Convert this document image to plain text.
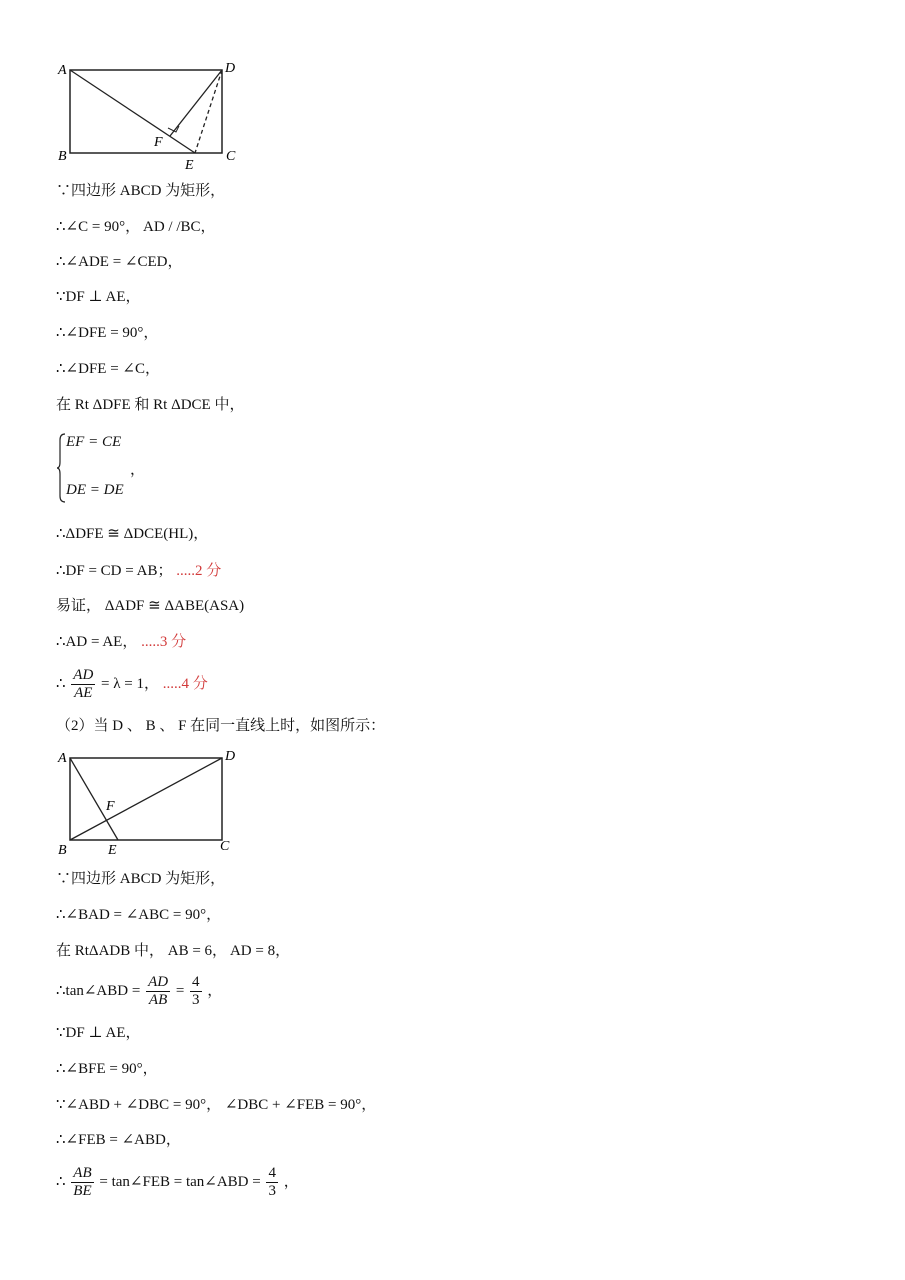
A	D
B	C
E
F
∵四边形 ABCD 为矩形，
∴∠C = 90°， AD / /BC，
∴∠ADE = ∠CED，
∵DF ⊥ AE，
∴∠DFE = 90°，
∴∠DFE = ∠C，
在 Rt ΔDFE 和 Rt ΔDCE 中，
EF = CE
DE = DE
，
∴ΔDFE ≅ ΔDCE(HL)，
∴DF = CD = AB； .....2 分
易证， ΔADF ≅ ΔABE(ASA)
∴AD = AE， .....3 分
∴ $\frac{AD}{AE} = \lambda = 1$， .....4 分
（2）当 D 、 B 、 F 在同一直线上时，如图所示：
A	D
B	C
E
F
∵四边形 ABCD 为矩形，
∴∠BAD = ∠ABC = 90°，
在 RtΔADB 中， AB = 6， AD = 8，
∴tan∠ABD = $\frac{AD}{AB} = \frac{4}{3}$ ，
∵DF ⊥ AE，
∴∠BFE = 90°，
∵∠ABD + ∠DBC = 90°， ∠DBC + ∠FEB = 90°，
∴∠FEB = ∠ABD，
∴ $\frac{AB}{BE}$ = tan∠FEB = tan∠ABD = $\frac{4}{3}$ ，
